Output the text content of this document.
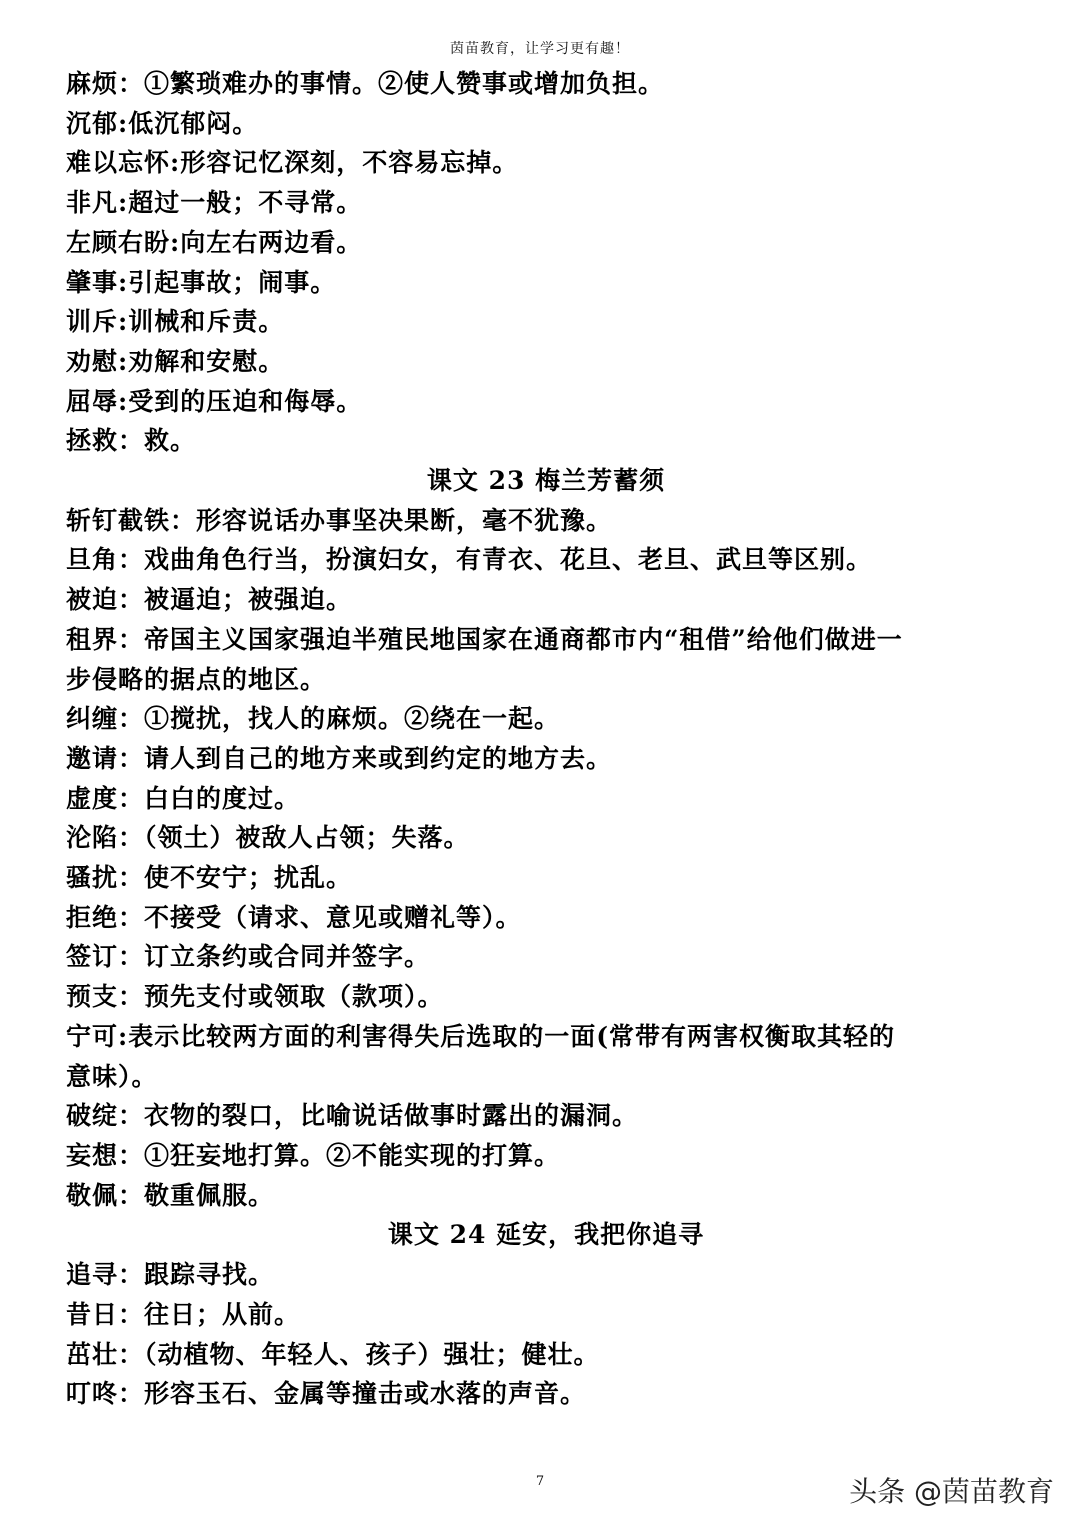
茵苗教育，让学习更有趣！

麻烦：①繁琐难办的事情。②使人赞事或增加负担。

沉郁:低沉郁闷。

难以忘怀:形容记忆深刻，不容易忘掉。

非凡:超过一般；不寻常。

左顾右盼:向左右两边看。

肇事:引起事故；闹事。

训斥:训械和斥责。

劝慰:劝解和安慰。

屈辱:受到的压迫和侮辱。

拯救：救。

课文 23 梅兰芳蓄须

斩钉截铁：形容说话办事坚决果断，毫不犹豫。

旦角：戏曲角色行当，扮演妇女，有青衣、花旦、老旦、武旦等区别。

被迫：被逼迫；被强迫。

租界：帝国主义国家强迫半殖民地国家在通商都市内“租借”给他们做进一

步侵略的据点的地区。

纠缠：①搅扰，找人的麻烦。②绕在一起。

邀请：请人到自己的地方来或到约定的地方去。

虚度：白白的度过。

沦陷：（领土）被敌人占领；失落。

骚扰：使不安宁；扰乱。

拒绝：不接受（请求、意见或赠礼等）。

签订：订立条约或合同并签字。

预支：预先支付或领取（款项）。

宁可:表示比较两方面的利害得失后选取的一面(常带有两害权衡取其轻的

意味）。

破绽：衣物的裂口，比喻说话做事时露出的漏洞。

妄想：①狂妄地打算。②不能实现的打算。

敬佩：敬重佩服。

课文 24 延安，我把你追寻

追寻：跟踪寻找。

昔日：往日；从前。

茁壮：（动植物、年轻人、孩子）强壮；健壮。

叮咚：形容玉石、金属等撞击或水落的声音。

7	头条 @茵苗教育
